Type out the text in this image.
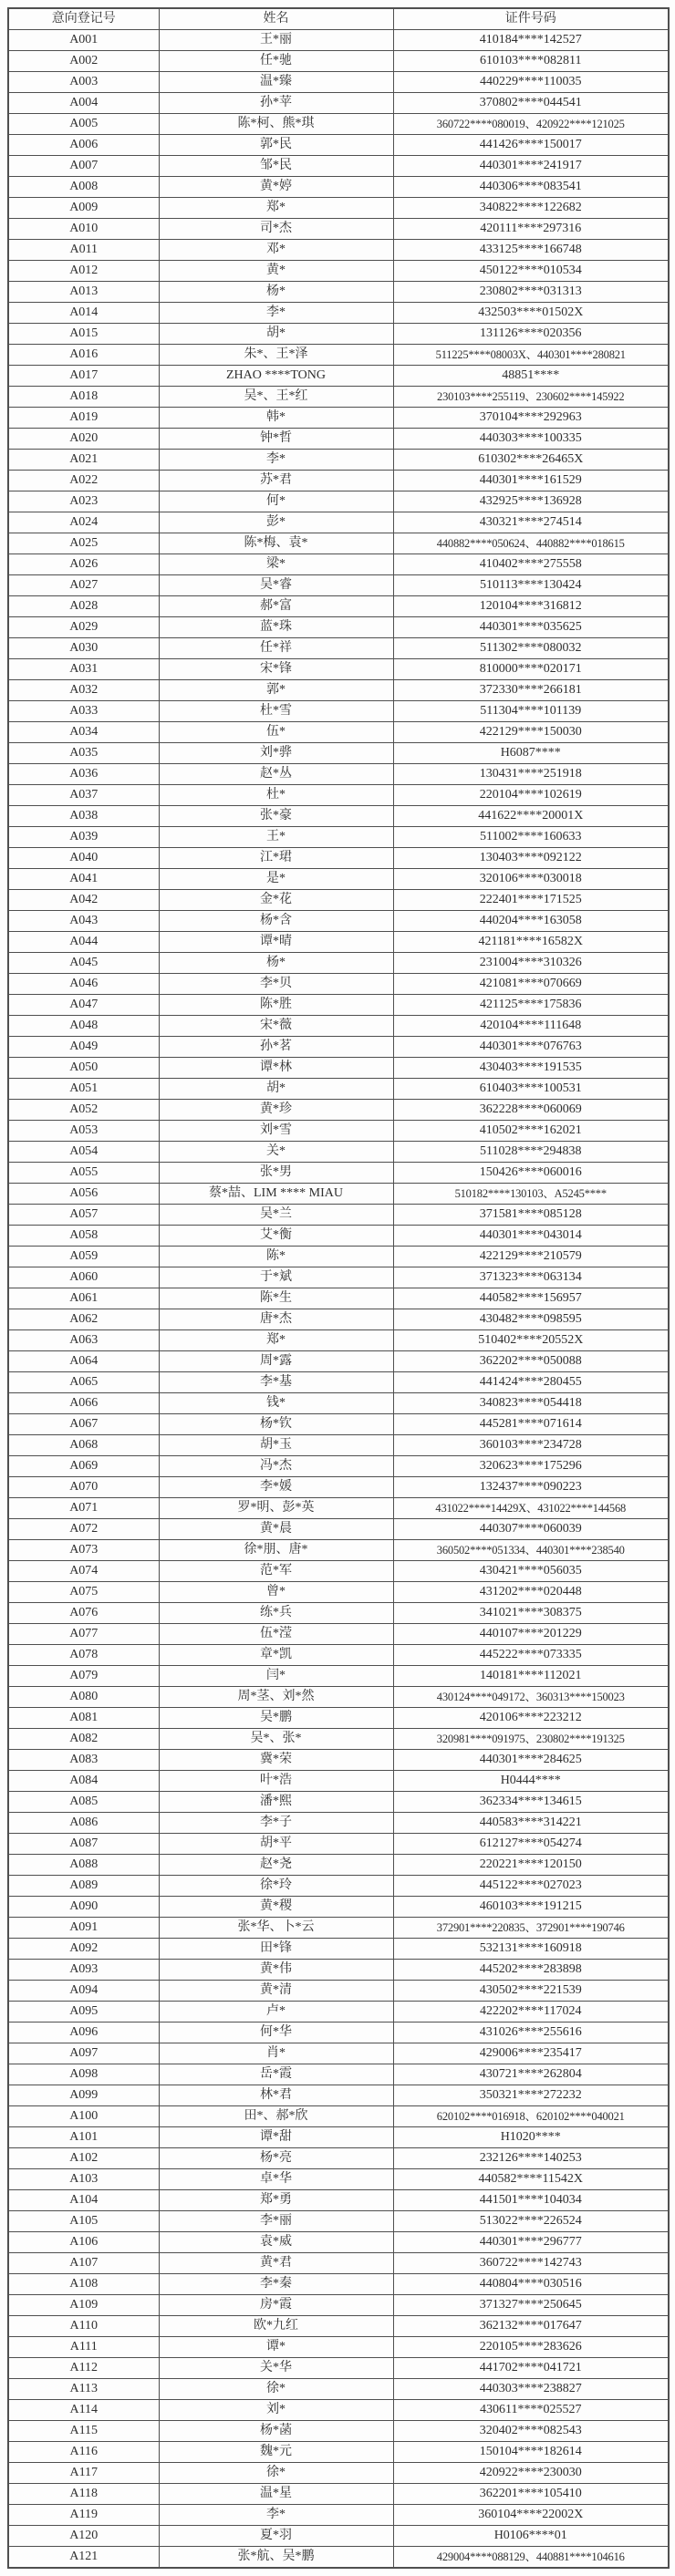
意向登记号	姓名	证件号码
A001	王*丽	410184****142527
A002	任*驰	610103****082811
A003	温*臻	440229****110035
A004	孙*苹	370802****044541
A005	陈*柯、熊*琪	360722****080019、420922****121025
A006	郭*民	441426****150017
A007	邹*民	440301****241917
A008	黄*婷	440306****083541
A009	郑*	340822****122682
A010	司*杰	420111****297316
A011	邓*	433125****166748
A012	黄*	450122****010534
A013	杨*	230802****031313
A014	李*	432503****01502X
A015	胡*	131126****020356
A016	朱*、王*泽	511225****08003X、440301****280821
A017	ZHAO ****TONG	48851****
A018	吴*、王*红	230103****255119、230602****145922
A019	韩*	370104****292963
A020	钟*哲	440303****100335
A021	李*	610302****26465X
A022	苏*君	440301****161529
A023	何*	432925****136928
A024	彭*	430321****274514
A025	陈*梅、袁*	440882****050624、440882****018615
A026	梁*	410402****275558
A027	吴*睿	510113****130424
A028	郝*富	120104****316812
A029	蓝*珠	440301****035625
A030	任*祥	511302****080032
A031	宋*锋	810000****020171
A032	郭*	372330****266181
A033	杜*雪	511304****101139
A034	伍*	422129****150030
A035	刘*骅	H6087****
A036	赵*丛	130431****251918
A037	杜*	220104****102619
A038	张*豪	441622****20001X
A039	王*	511002****160633
A040	江*珺	130403****092122
A041	是*	320106****030018
A042	金*花	222401****171525
A043	杨*含	440204****163058
A044	谭*晴	421181****16582X
A045	杨*	231004****310326
A046	李*贝	421081****070669
A047	陈*胜	421125****175836
A048	宋*薇	420104****111648
A049	孙*茗	440301****076763
A050	谭*林	430403****191535
A051	胡*	610403****100531
A052	黄*珍	362228****060069
A053	刘*雪	410502****162021
A054	关*	511028****294838
A055	张*男	150426****060016
A056	蔡*喆、LIM **** MIAU	510182****130103、A5245****
A057	吴*兰	371581****085128
A058	艾*衡	440301****043014
A059	陈*	422129****210579
A060	于*斌	371323****063134
A061	陈*生	440582****156957
A062	唐*杰	430482****098595
A063	郑*	510402****20552X
A064	周*露	362202****050088
A065	李*基	441424****280455
A066	钱*	340823****054418
A067	杨*钦	445281****071614
A068	胡*玉	360103****234728
A069	冯*杰	320623****175296
A070	李*媛	132437****090223
A071	罗*明、彭*英	431022****14429X、431022****144568
A072	黄*晨	440307****060039
A073	徐*朋、唐*	360502****051334、440301****238540
A074	范*军	430421****056035
A075	曾*	431202****020448
A076	练*兵	341021****308375
A077	伍*滢	440107****201229
A078	章*凯	445222****073335
A079	闫*	140181****112021
A080	周*茎、刘*然	430124****049172、360313****150023
A081	吴*鹏	420106****223212
A082	吴*、张*	320981****091975、230802****191325
A083	冀*荣	440301****284625
A084	叶*浩	H0444****
A085	潘*熙	362334****134615
A086	李*子	440583****314221
A087	胡*平	612127****054274
A088	赵*尧	220221****120150
A089	徐*玲	445122****027023
A090	黄*稷	460103****191215
A091	张*华、卜*云	372901****220835、372901****190746
A092	田*锋	532131****160918
A093	黄*伟	445202****283898
A094	黄*清	430502****221539
A095	卢*	422202****117024
A096	何*华	431026****255616
A097	肖*	429006****235417
A098	岳*霞	430721****262804
A099	林*君	350321****272232
A100	田*、郝*欣	620102****016918、620102****040021
A101	谭*甜	H1020****
A102	杨*亮	232126****140253
A103	卓*华	440582****11542X
A104	郑*勇	441501****104034
A105	李*丽	513022****226524
A106	袁*威	440301****296777
A107	黄*君	360722****142743
A108	李*秦	440804****030516
A109	房*霞	371327****250645
A110	欧*九红	362132****017647
A111	谭*	220105****283626
A112	关*华	441702****041721
A113	徐*	440303****238827
A114	刘*	430611****025527
A115	杨*菡	320402****082543
A116	魏*元	150104****182614
A117	徐*	420922****230030
A118	温*星	362201****105410
A119	李*	360104****22002X
A120	夏*羽	H0106****01
A121	张*航、吴*鹏	429004****088129、440881****104616
